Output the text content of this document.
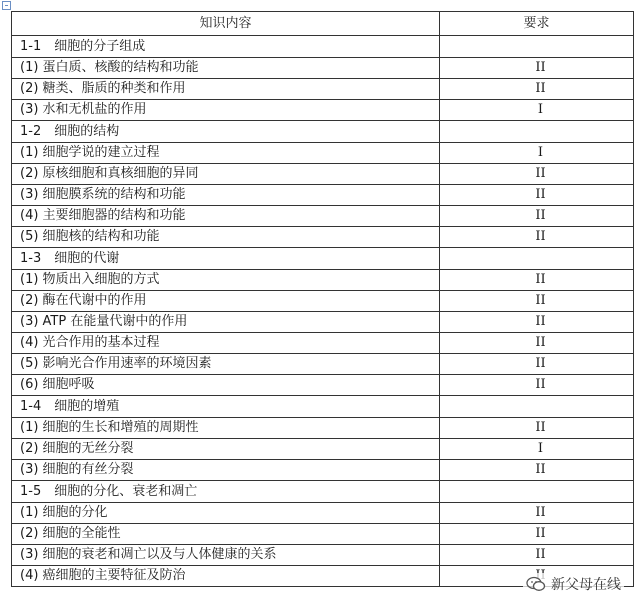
知识内容	要求
1-1　细胞的分子组成	
(1) 蛋白质、核酸的结构和功能	II
(2) 糖类、脂质的种类和作用	II
(3) 水和无机盐的作用	I
1-2　细胞的结构	
(1) 细胞学说的建立过程	I
(2) 原核细胞和真核细胞的异同	II
(3) 细胞膜系统的结构和功能	II
(4) 主要细胞器的结构和功能	II
(5) 细胞核的结构和功能	II
1-3　细胞的代谢	
(1) 物质出入细胞的方式	II
(2) 酶在代谢中的作用	II
(3) ATP 在能量代谢中的作用	II
(4) 光合作用的基本过程	II
(5) 影响光合作用速率的环境因素	II
(6) 细胞呼吸	II
1-4　细胞的增殖	
(1) 细胞的生长和增殖的周期性	II
(2) 细胞的无丝分裂	I
(3) 细胞的有丝分裂	II
1-5　细胞的分化、衰老和凋亡	
(1) 细胞的分化	II
(2) 细胞的全能性	II
(3) 细胞的衰老和凋亡以及与人体健康的关系	II
(4) 癌细胞的主要特征及防治	
新父母在线
